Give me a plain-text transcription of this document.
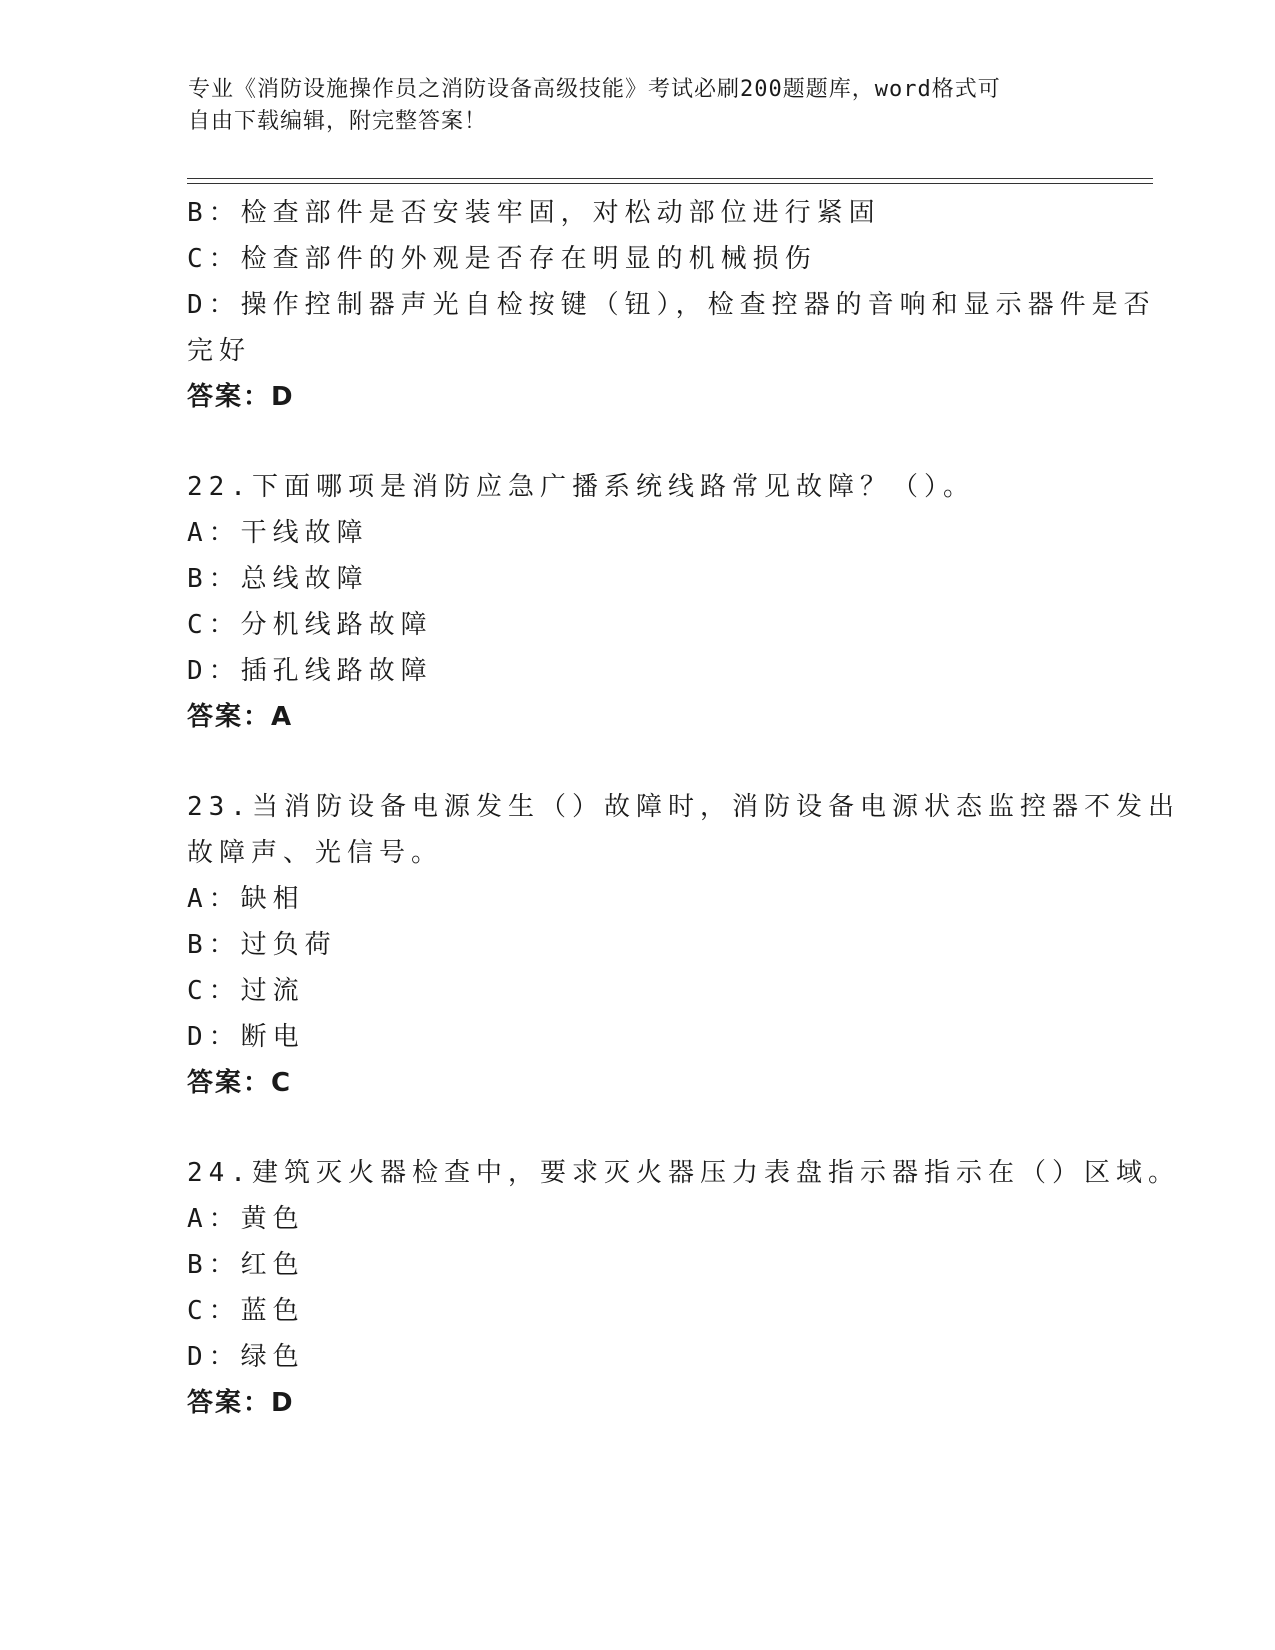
专业《消防设施操作员之消防设备高级技能》考试必刷200题题库，word格式可
自由下载编辑，附完整答案！
B：检查部件是否安装牢固，对松动部位进行紧固
C：检查部件的外观是否存在明显的机械损伤
D：操作控制器声光自检按键（钮），检查控器的音响和显示器件是否
完好
答案：D
22.下面哪项是消防应急广播系统线路常见故障？（）。
A：干线故障
B：总线故障
C：分机线路故障
D：插孔线路故障
答案：A
23.当消防设备电源发生（）故障时，消防设备电源状态监控器不发出
故障声、光信号。
A：缺相
B：过负荷
C：过流
D：断电
答案：C
24.建筑灭火器检查中，要求灭火器压力表盘指示器指示在（）区域。
A：黄色
B：红色
C：蓝色
D：绿色
答案：D
